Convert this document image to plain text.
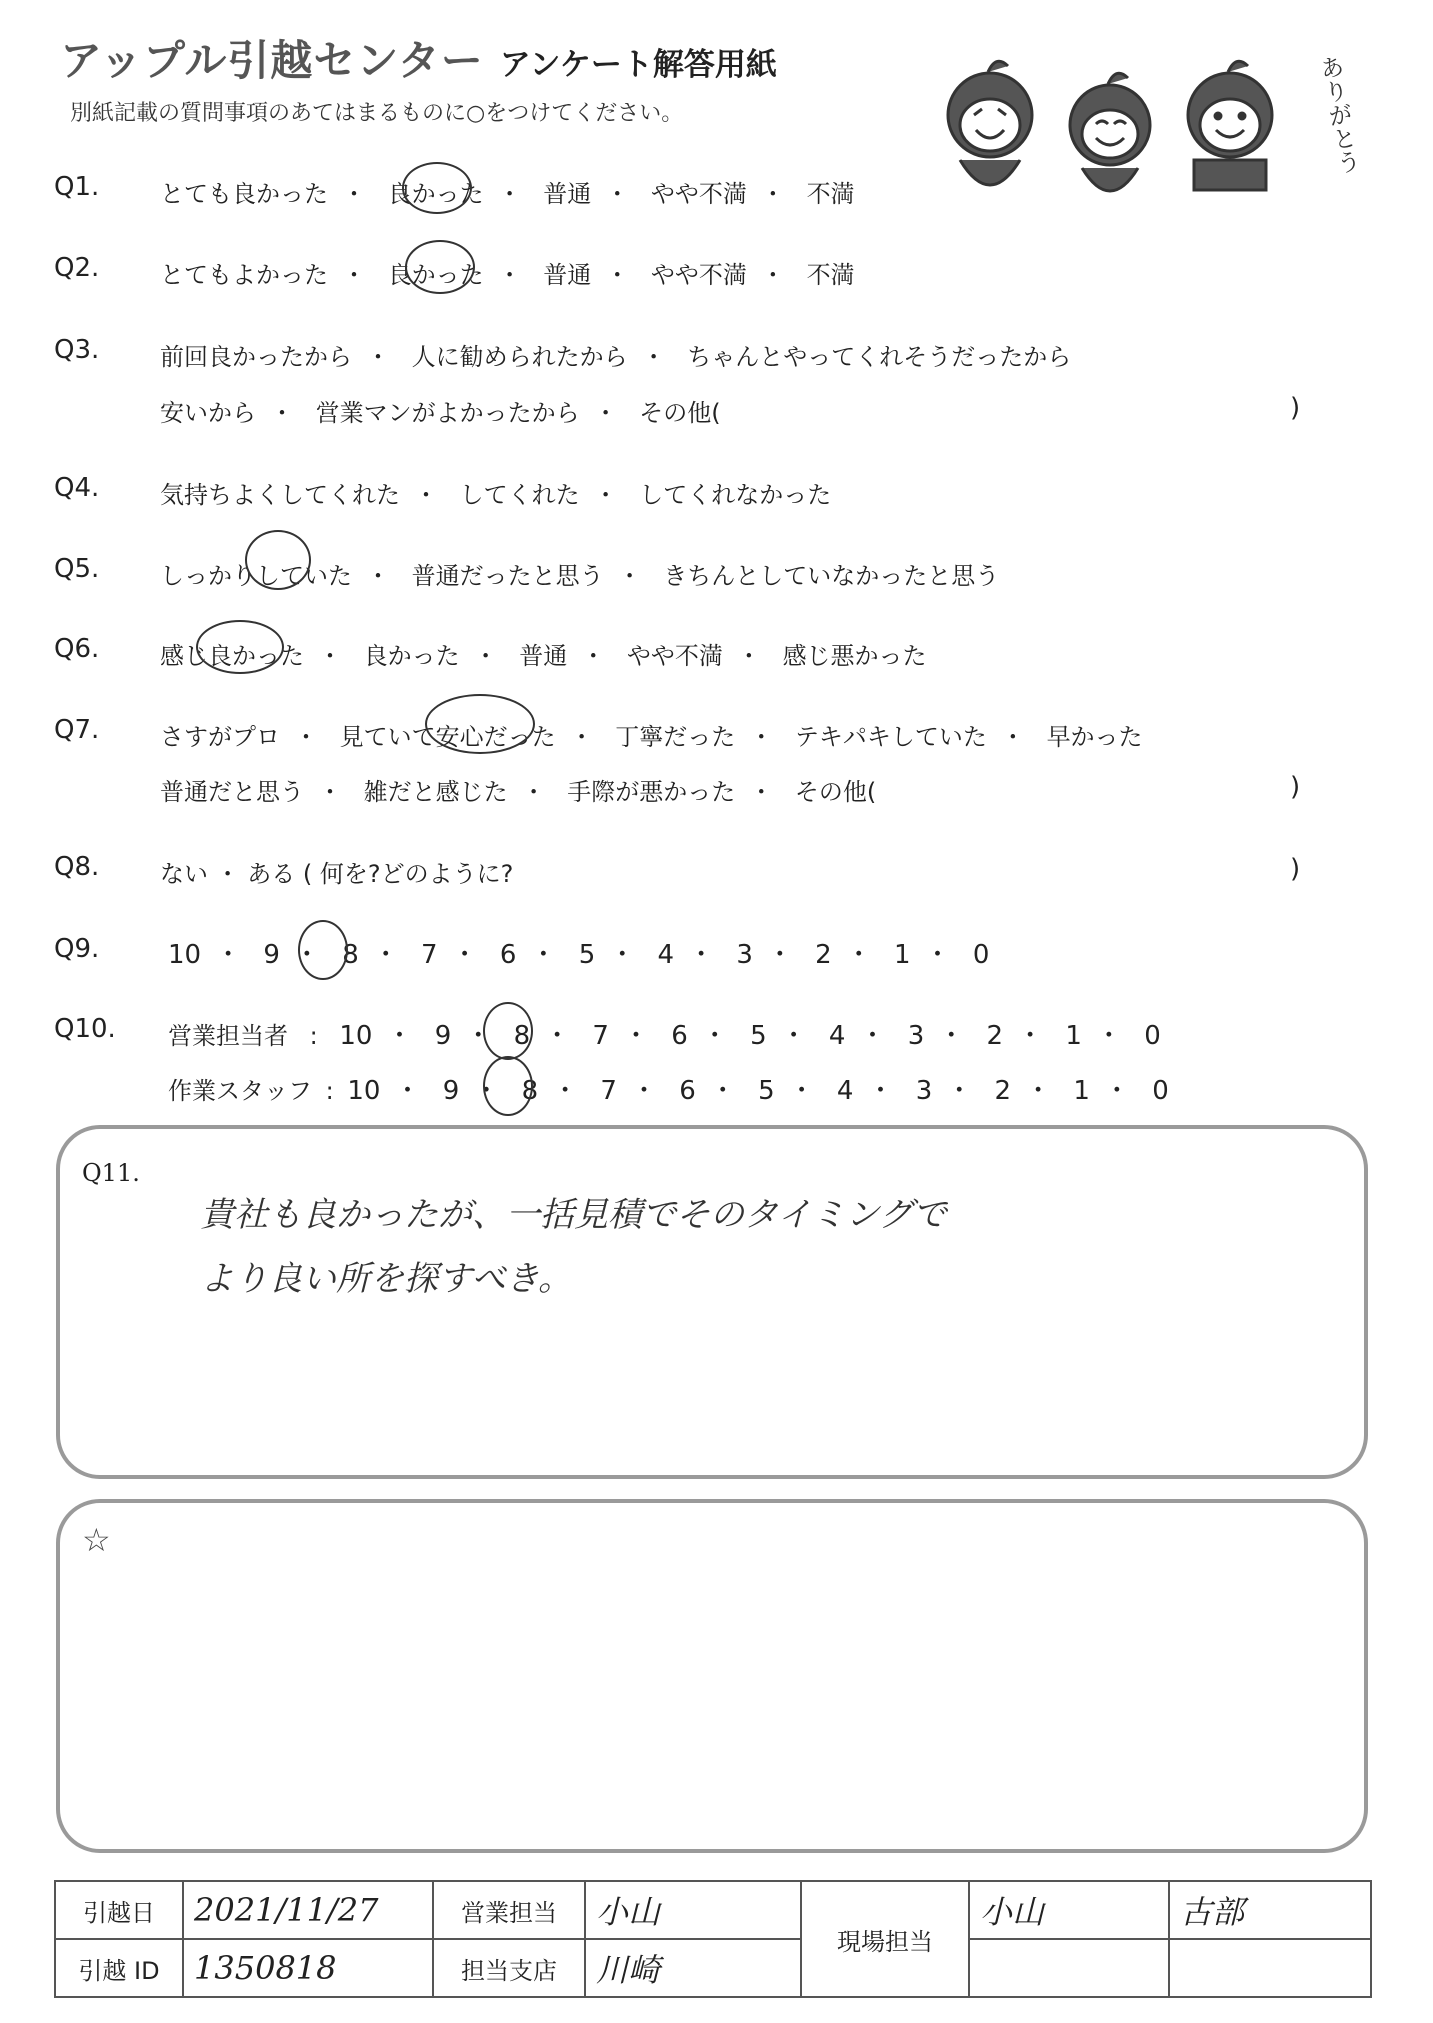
アップル引越センター アンケート解答用紙
別紙記載の質問事項のあてはまるものに○をつけてください。	ありがとう
Q1.	とても良かった ・ 良かった ・ 普通 ・ やや不満 ・ 不満
Q2.	とてもよかった ・ 良かった ・ 普通 ・ やや不満 ・ 不満
Q3.	前回良かったから ・ 人に勧められたから ・ ちゃんとやってくれそうだったから
安いから ・ 営業マンがよかったから ・ その他(	)
Q4.	気持ちよくしてくれた ・ してくれた ・ してくれなかった
Q5.	しっかりしていた ・ 普通だったと思う ・ きちんとしていなかったと思う
Q6.	感じ良かった ・ 良かった ・ 普通 ・ やや不満 ・ 感じ悪かった
Q7.	さすがプロ ・ 見ていて安心だった ・ 丁寧だった ・ テキパキしていた ・ 早かった
普通だと思う ・ 雑だと感じた ・ 手際が悪かった ・ その他(	)
Q8.	ない ・ ある ( 何を?どのように?	)
Q9.	10 ・ 9 ・ 8 ・ 7 ・ 6 ・ 5 ・ 4 ・ 3 ・ 2 ・ 1 ・ 0
Q10. 営業担当者 : 10 ・ 9 ・ 8 ・ 7 ・ 6 ・ 5 ・ 4 ・ 3 ・ 2 ・ 1 ・ 0
作業スタッフ : 10 ・ 9 ・ 8 ・ 7 ・ 6 ・ 5 ・ 4 ・ 3 ・ 2 ・ 1 ・ 0
Q11.
貴社も良かったが、一括見積でそのタイミングで
より良い所を探すべき。
☆
引越日	2021/11/27	営業担当	小山	現場担当	小山	古部
引越 ID	1350818	担当支店	川崎			
